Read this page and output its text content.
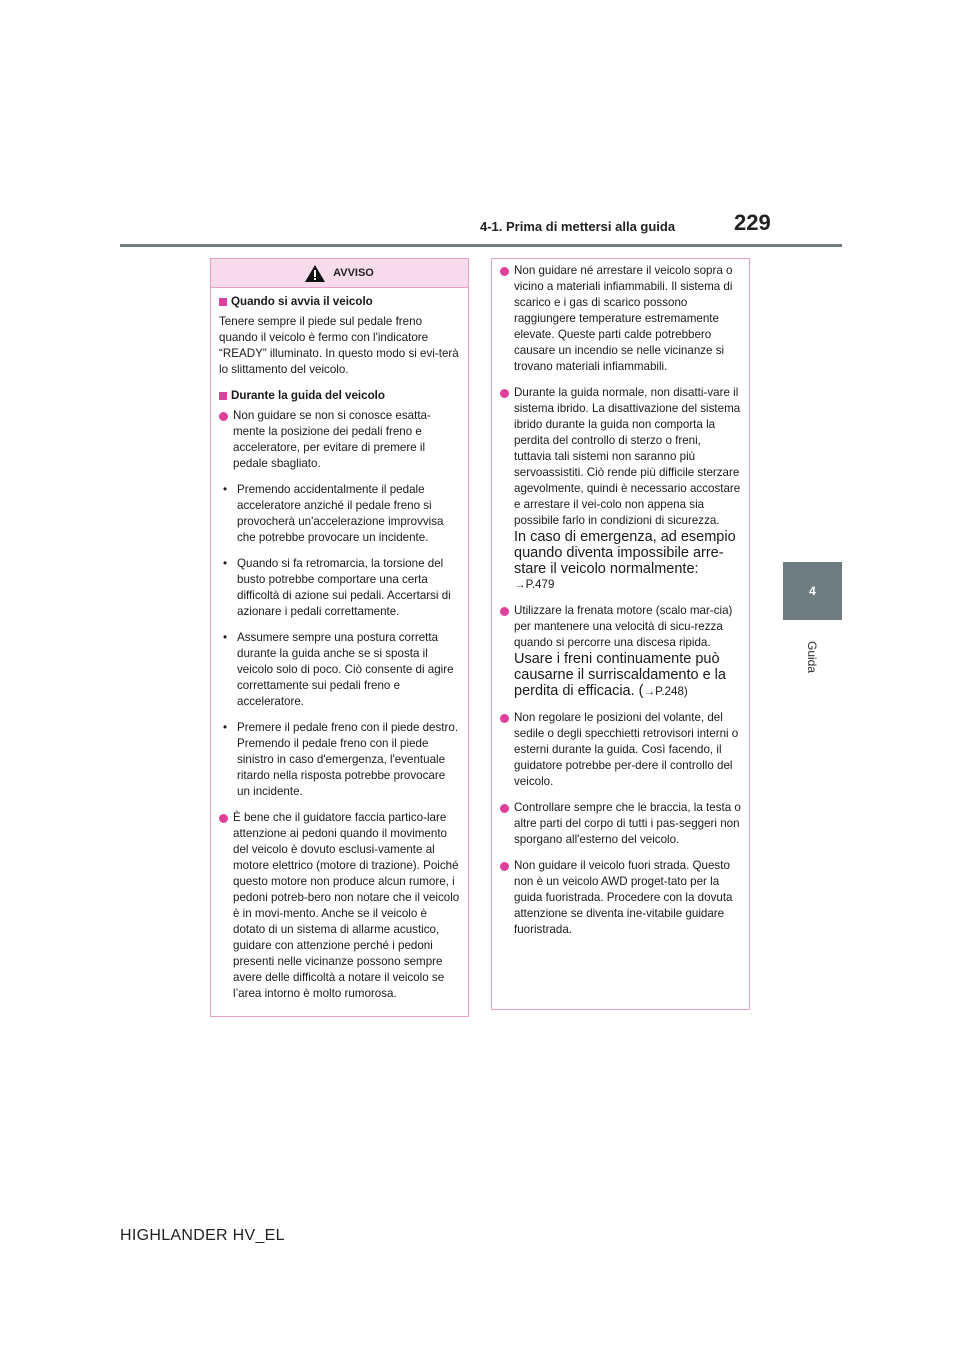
4-1. Prima di mettersi alla guida	229
4
Guida
AVVISO
Quando si avvia il veicolo

Tenere sempre il piede sul pedale freno quando il veicolo è fermo con l'indicatore “READY” illuminato. In questo modo si evi-terà lo slittamento del veicolo.

Durante la guida del veicolo
Non guidare se non si conosce esatta-mente la posizione dei pedali freno e acceleratore, per evitare di premere il pedale sbagliato.
• Premendo accidentalmente il pedale acceleratore anziché il pedale freno si provocherà un'accelerazione improvvisa che potrebbe provocare un incidente.
• Quando si fa retromarcia, la torsione del busto potrebbe comportare una certa difficoltà di azione sui pedali. Accertarsi di azionare i pedali correttamente.
• Assumere sempre una postura corretta durante la guida anche se si sposta il veicolo solo di poco. Ciò consente di agire correttamente sui pedali freno e acceleratore.
• Premere il pedale freno con il piede destro. Premendo il pedale freno con il piede sinistro in caso d'emergenza, l'eventuale ritardo nella risposta potrebbe provocare un incidente.
È bene che il guidatore faccia partico-lare attenzione ai pedoni quando il movimento del veicolo è dovuto esclusi-vamente al motore elettrico (motore di trazione). Poiché questo motore non produce alcun rumore, i pedoni potreb-bero non notare che il veicolo è in movi-mento. Anche se il veicolo è dotato di un sistema di allarme acustico, guidare con attenzione perché i pedoni presenti nelle vicinanze possono sempre avere delle difficoltà a notare il veicolo se l’area intorno è molto rumorosa.
Non guidare né arrestare il veicolo sopra o vicino a materiali infiammabili. Il sistema di scarico e i gas di scarico possono raggiungere temperature estremamente elevate. Queste parti calde potrebbero causare un incendio se nelle vicinanze si trovano materiali infiammabili.
Durante la guida normale, non disatti-vare il sistema ibrido. La disattivazione del sistema ibrido durante la guida non comporta la perdita del controllo di sterzo o freni, tuttavia tali sistemi non saranno più servoassistiti. Ciò rende più difficile sterzare agevolmente, quindi è necessario accostare e arrestare il vei-colo non appena sia possibile farlo in condizioni di sicurezza.
In caso di emergenza, ad esempio quando diventa impossibile arre-stare il veicolo normalmente:
→P.479
Utilizzare la frenata motore (scalo mar-cia) per mantenere una velocità di sicu-rezza quando si percorre una discesa ripida.
Usare i freni continuamente può causarne il surriscaldamento e la perdita di efficacia. (→P.248)
Non regolare le posizioni del volante, del sedile o degli specchietti retrovisori interni o esterni durante la guida. Così facendo, il guidatore potrebbe per-dere il controllo del veicolo.
Controllare sempre che le braccia, la testa o altre parti del corpo di tutti i pas-seggeri non sporgano all'esterno del veicolo.
Non guidare il veicolo fuori strada. Questo non è un veicolo AWD proget-tato per la guida fuoristrada. Procedere con la dovuta attenzione se diventa ine-vitabile guidare fuoristrada.
HIGHLANDER HV_EL
